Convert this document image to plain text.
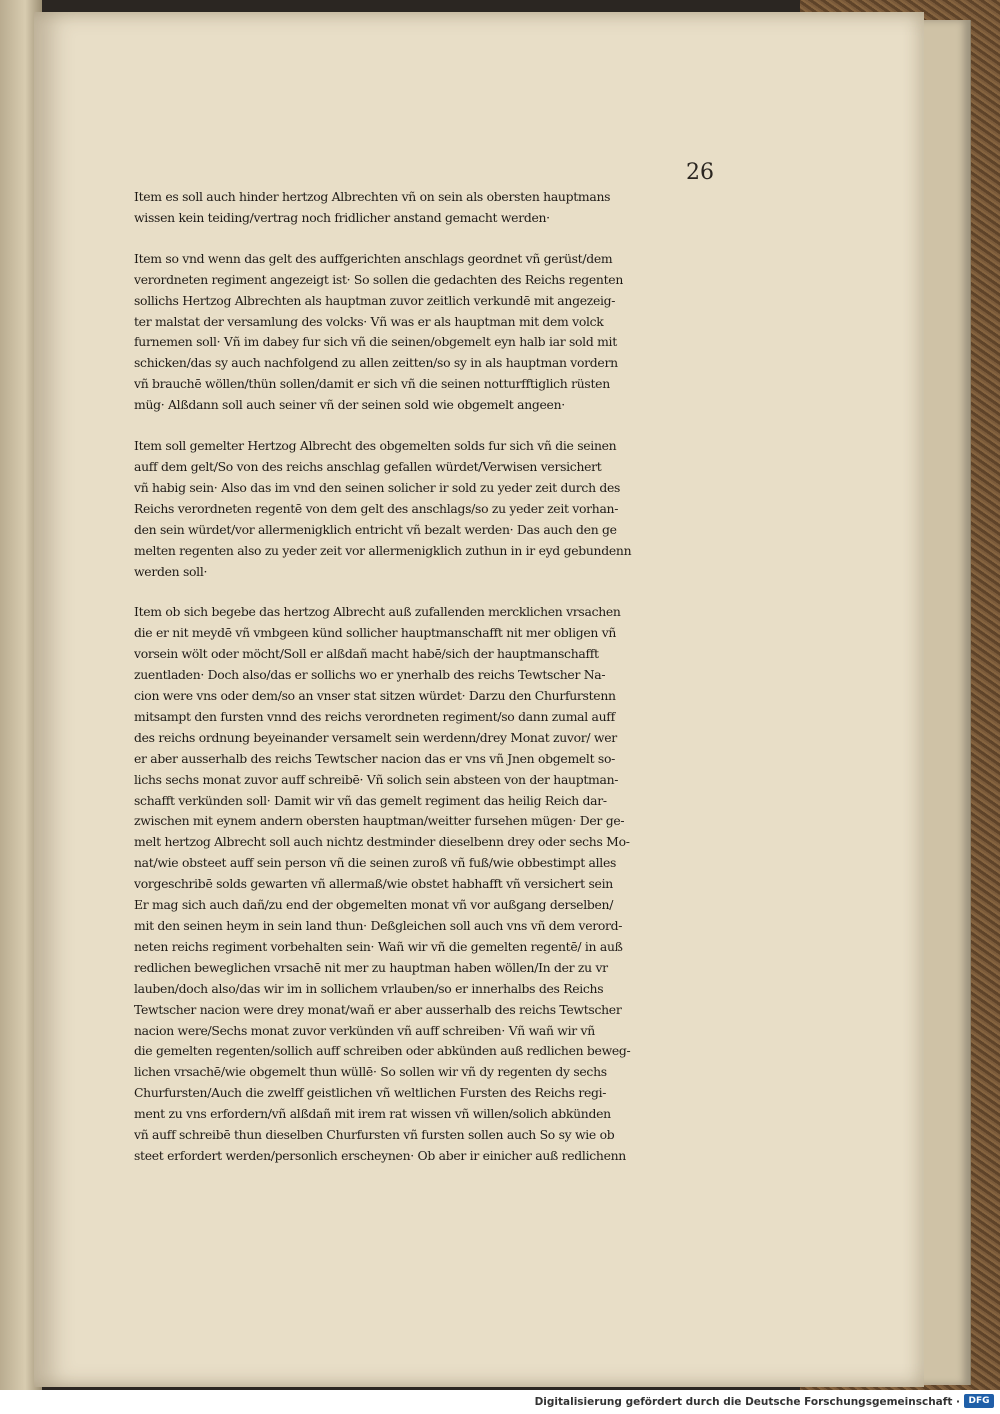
26
Item es soll auch hinder hertzog Albrechten vñ on sein als obersten hauptmans
wissen kein teiding/vertrag noch fridlicher anstand gemacht werden·
Item so vnd wenn das gelt des auffgerichten anschlags geordnet vñ gerüst/dem
verordneten regiment angezeigt ist· So sollen die gedachten des Reichs regenten
sollichs Hertzog Albrechten als hauptman zuvor zeitlich verkundē mit angezeig-
ter malstat der versamlung des volcks· Vñ was er als hauptman mit dem volck
furnemen soll· Vñ im dabey fur sich vñ die seinen/obgemelt eyn halb iar sold mit
schicken/das sy auch nachfolgend zu allen zeitten/so sy in als hauptman vordern
vñ brauchē wöllen/thün sollen/damit er sich vñ die seinen notturfftiglich rüsten
müg· Alßdann soll auch seiner vñ der seinen sold wie obgemelt angeen·
Item soll gemelter Hertzog Albrecht des obgemelten solds fur sich vñ die seinen
auff dem gelt/So von des reichs anschlag gefallen würdet/Verwisen versichert
vñ habig sein· Also das im vnd den seinen solicher ir sold zu yeder zeit durch des
Reichs verordneten regentē von dem gelt des anschlags/so zu yeder zeit vorhan-
den sein würdet/vor allermenigklich entricht vñ bezalt werden· Das auch den ge
melten regenten also zu yeder zeit vor allermenigklich zuthun in ir eyd gebundenn
werden soll·
Item ob sich begebe das hertzog Albrecht auß zufallenden mercklichen vrsachen
die er nit meydē vñ vmbgeen künd sollicher hauptmanschafft nit mer obligen vñ
vorsein wölt oder möcht/Soll er alßdañ macht habē/sich der hauptmanschafft
zuentladen· Doch also/das er sollichs wo er ynerhalb des reichs Tewtscher Na-
cion were vns oder dem/so an vnser stat sitzen würdet· Darzu den Churfurstenn
mitsampt den fursten vnnd des reichs verordneten regiment/so dann zumal auff
des reichs ordnung beyeinander versamelt sein werdenn/drey Monat zuvor/ wer
er aber ausserhalb des reichs Tewtscher nacion das er vns vñ Jnen obgemelt so-
lichs sechs monat zuvor auff schreibē· Vñ solich sein absteen von der hauptman-
schafft verkünden soll· Damit wir vñ das gemelt regiment das heilig Reich dar-
zwischen mit eynem andern obersten hauptman/weitter fursehen mügen· Der ge-
melt hertzog Albrecht soll auch nichtz destminder dieselbenn drey oder sechs Mo-
nat/wie obsteet auff sein person vñ die seinen zuroß vñ fuß/wie obbestimpt alles
vorgeschribē solds gewarten vñ allermaß/wie obstet habhafft vñ versichert sein
Er mag sich auch dañ/zu end der obgemelten monat vñ vor außgang derselben/
mit den seinen heym in sein land thun· Deßgleichen soll auch vns vñ dem verord-
neten reichs regiment vorbehalten sein· Wañ wir vñ die gemelten regentē/ in auß
redlichen beweglichen vrsachē nit mer zu hauptman haben wöllen/In der zu vr
lauben/doch also/das wir im in sollichem vrlauben/so er innerhalbs des Reichs
Tewtscher nacion were drey monat/wañ er aber ausserhalb des reichs Tewtscher
nacion were/Sechs monat zuvor verkünden vñ auff schreiben· Vñ wañ wir vñ
die gemelten regenten/sollich auff schreiben oder abkünden auß redlichen beweg-
lichen vrsachē/wie obgemelt thun wüllē· So sollen wir vñ dy regenten dy sechs
Churfursten/Auch die zwelff geistlichen vñ weltlichen Fursten des Reichs regi-
ment zu vns erfordern/vñ alßdañ mit irem rat wissen vñ willen/solich abkünden
vñ auff schreibē thun dieselben Churfursten vñ fursten sollen auch So sy wie ob
steet erfordert werden/personlich erscheynen· Ob aber ir einicher auß redlichenn
Digitalisierung gefördert durch die Deutsche Forschungsgemeinschaft · DFG
